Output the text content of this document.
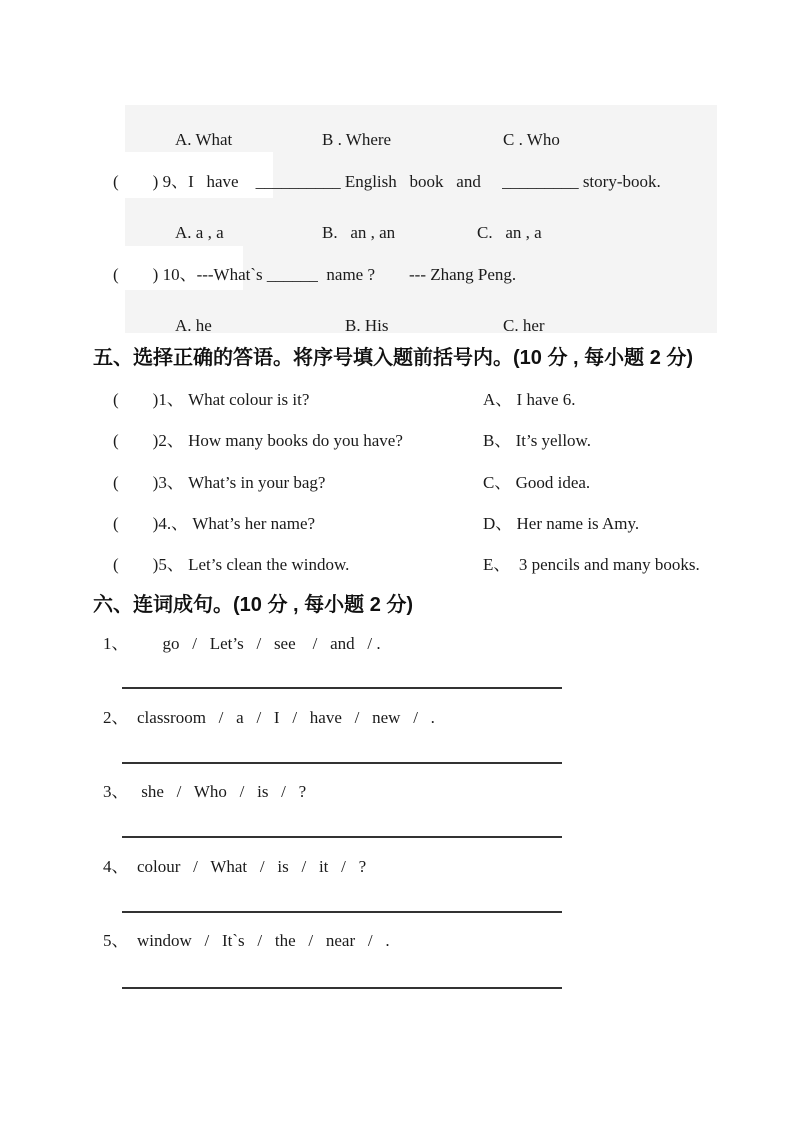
A. What	B . Where	C . Who
(        ) 9、I   have    __________ English   book   and     _________ story-book.
A. a , a	B.   an , an	C.   an , a
(        ) 10、---What`s ______  name ?        --- Zhang Peng.
A. he	B. His	C. her
五、选择正确的答语。将序号填入题前括号内。(10 分 , 每小题 2 分)
(        )1、 What colour is it?	A、 I have 6.
(        )2、 How many books do you have?	B、 It’s yellow.
(        )3、 What’s in your bag?	C、 Good idea.
(        )4.、 What’s her name?	D、 Her name is Amy.
(        )5、 Let’s clean the window.	E、  3 pencils and many books.
六、连词成句。(10 分 , 每小题 2 分)
1、        go   /   Let’s   /   see    /   and   / .
2、  classroom   /   a   /   I   /   have   /   new   /   .
3、   she   /   Who   /   is   /   ?
4、  colour   /   What   /   is   /   it   /   ?
5、  window   /   It`s   /   the   /   near   /   .
